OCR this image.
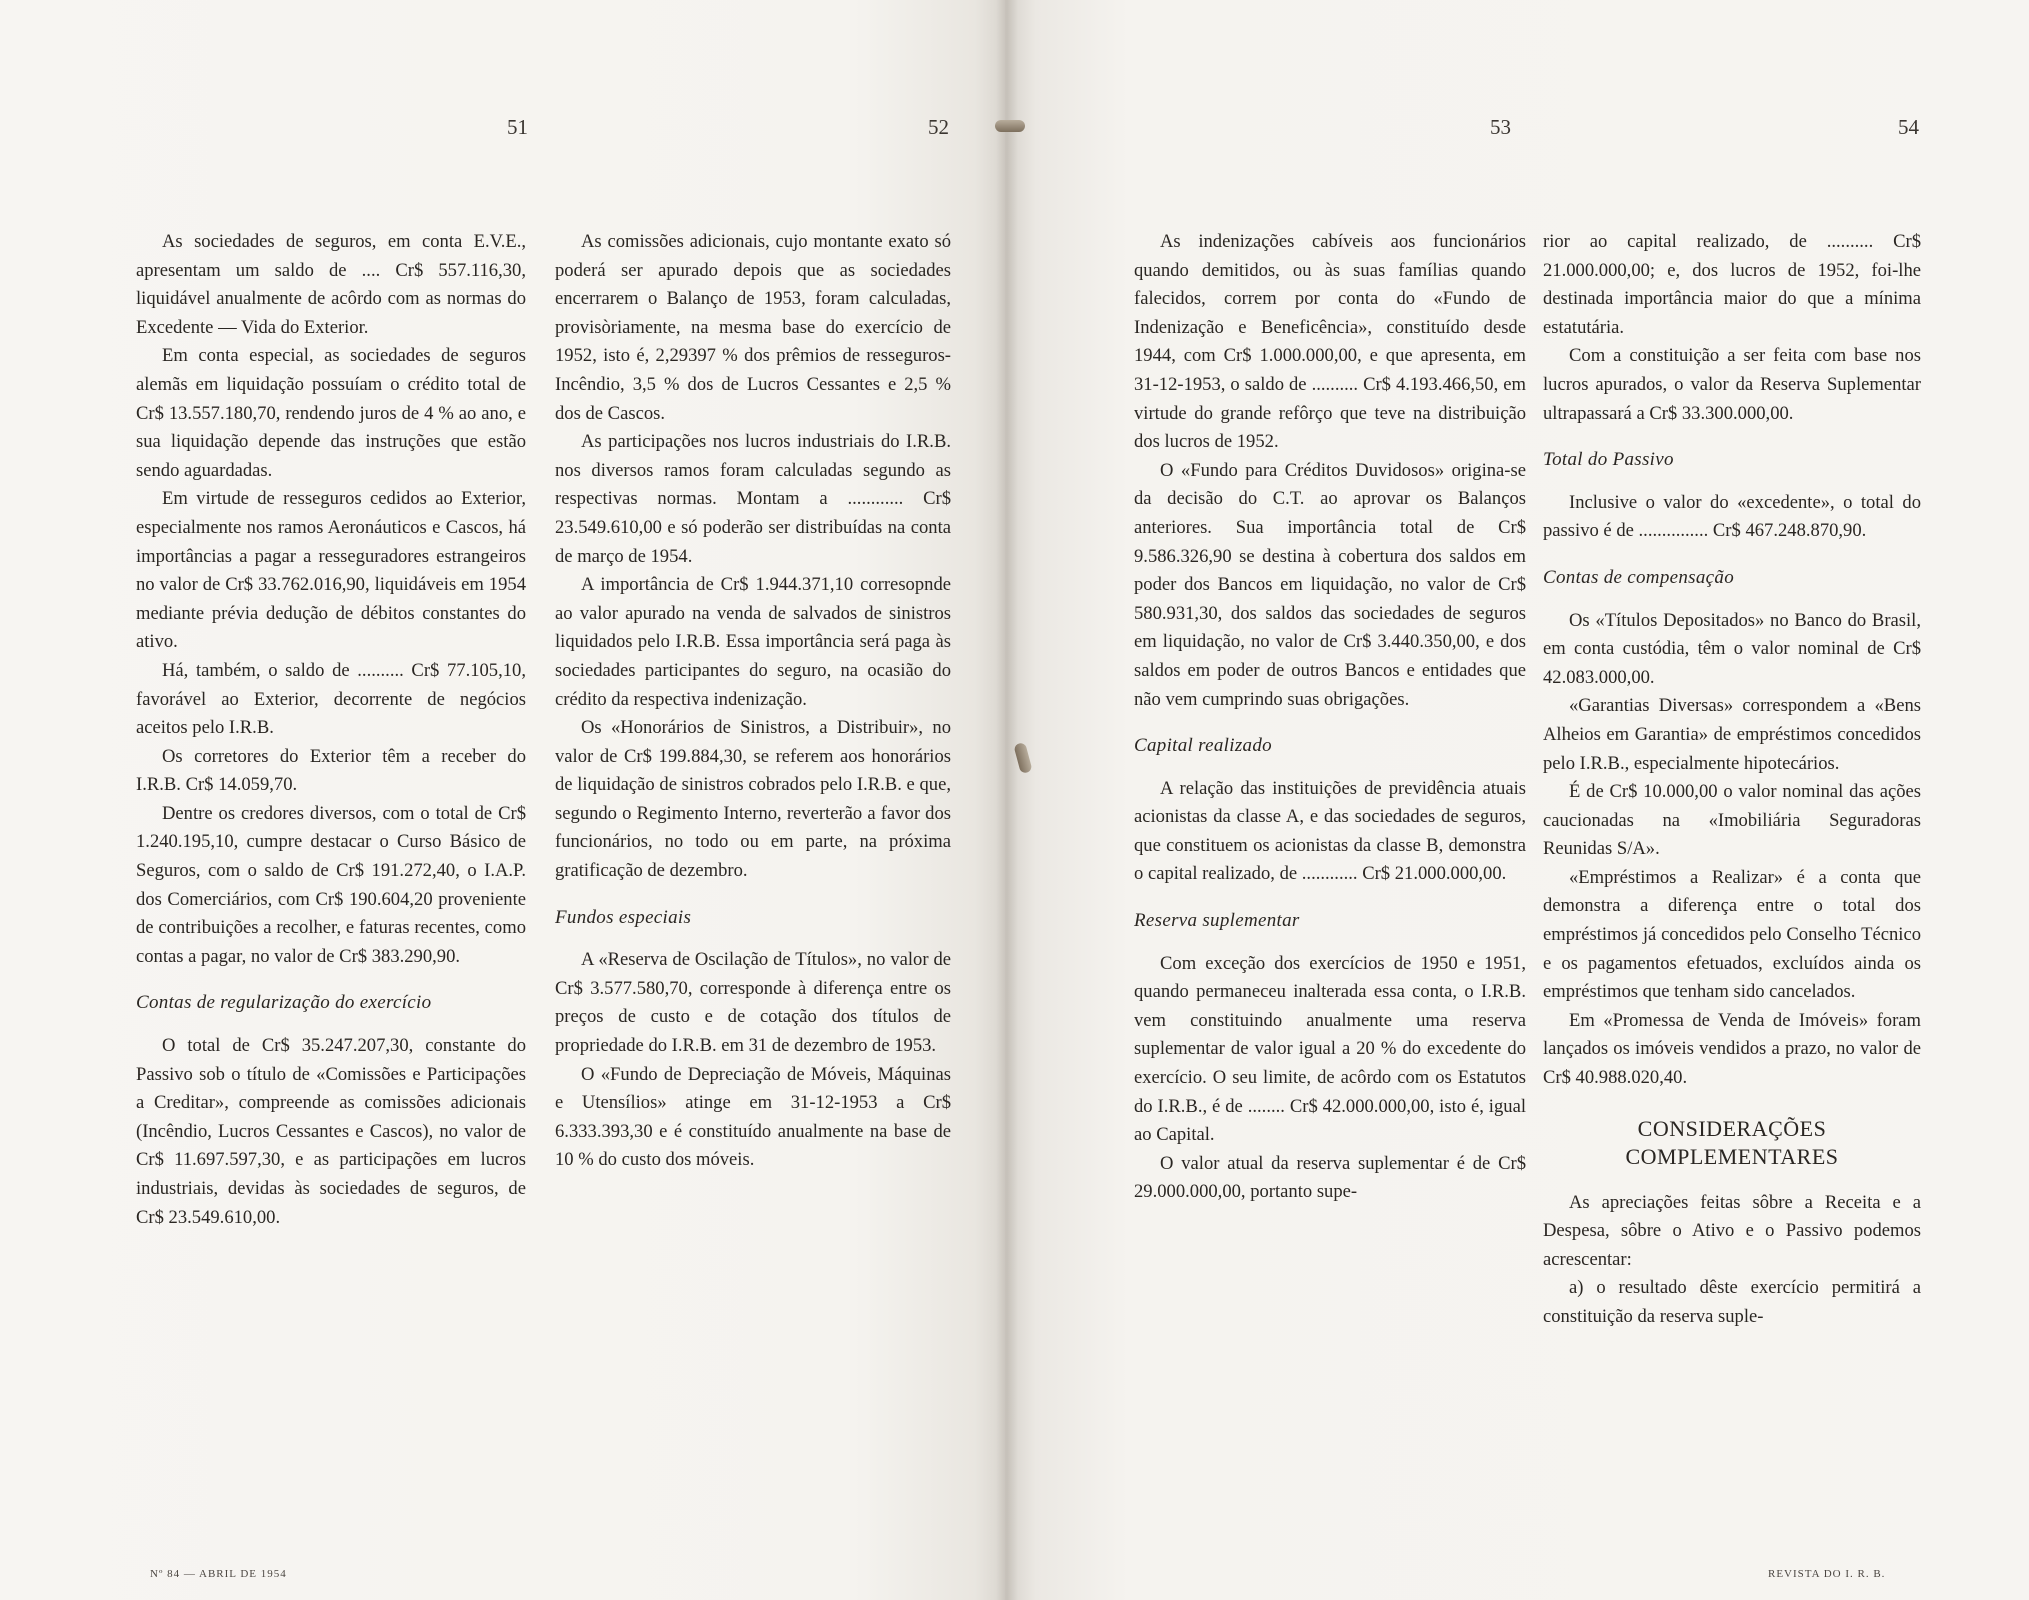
51

As sociedades de seguros, em conta E.V.E., apresentam um saldo de .... Cr$ 557.116,30, liquidável anualmente de acôrdo com as normas do Excedente — Vida do Exterior.

Em conta especial, as sociedades de seguros alemãs em liquidação possuíam o crédito total de Cr$ 13.557.180,70, rendendo juros de 4 % ao ano, e sua liquidação depende das instruções que estão sendo aguardadas.

Em virtude de resseguros cedidos ao Exterior, especialmente nos ramos Aeronáuticos e Cascos, há importâncias a pagar a resseguradores estrangeiros no valor de Cr$ 33.762.016,90, liquidáveis em 1954 mediante prévia dedução de débitos constantes do ativo.

Há, também, o saldo de .......... Cr$ 77.105,10, favorável ao Exterior, decorrente de negócios aceitos pelo I.R.B.

Os corretores do Exterior têm a receber do I.R.B. Cr$ 14.059,70.

Dentre os credores diversos, com o total de Cr$ 1.240.195,10, cumpre destacar o Curso Básico de Seguros, com o saldo de Cr$ 191.272,40, o I.A.P. dos Comerciários, com Cr$ 190.604,20 proveniente de contribuições a recolher, e faturas recentes, como contas a pagar, no valor de Cr$ 383.290,90.

Contas de regularização do exercício

O total de Cr$ 35.247.207,30, constante do Passivo sob o título de «Comissões e Participações a Creditar», compreende as comissões adicionais (Incêndio, Lucros Cessantes e Cascos), no valor de Cr$ 11.697.597,30, e as participações em lucros industriais, devidas às sociedades de seguros, de Cr$ 23.549.610,00.

Nº 84 — ABRIL DE 1954
52

As comissões adicionais, cujo montante exato só poderá ser apurado depois que as sociedades encerrarem o Balanço de 1953, foram calculadas, provisòriamente, na mesma base do exercício de 1952, isto é, 2,29397 % dos prêmios de resseguros-Incêndio, 3,5 % dos de Lucros Cessantes e 2,5 % dos de Cascos.

As participações nos lucros industriais do I.R.B. nos diversos ramos foram calculadas segundo as respectivas normas. Montam a ............ Cr$ 23.549.610,00 e só poderão ser distribuídas na conta de março de 1954.

A importância de Cr$ 1.944.371,10 corresopnde ao valor apurado na venda de salvados de sinistros liquidados pelo I.R.B. Essa importância será paga às sociedades participantes do seguro, na ocasião do crédito da respectiva indenização.

Os «Honorários de Sinistros, a Distribuir», no valor de Cr$ 199.884,30, se referem aos honorários de liquidação de sinistros cobrados pelo I.R.B. e que, segundo o Regimento Interno, reverterão a favor dos funcionários, no todo ou em parte, na próxima gratificação de dezembro.

Fundos especiais

A «Reserva de Oscilação de Títulos», no valor de Cr$ 3.577.580,70, corresponde à diferença entre os preços de custo e de cotação dos títulos de propriedade do I.R.B. em 31 de dezembro de 1953.

O «Fundo de Depreciação de Móveis, Máquinas e Utensílios» atinge em 31-12-1953 a Cr$ 6.333.393,30 e é constituído anualmente na base de 10 % do custo dos móveis.

53

As indenizações cabíveis aos funcionários quando demitidos, ou às suas famílias quando falecidos, correm por conta do «Fundo de Indenização e Beneficência», constituído desde 1944, com Cr$ 1.000.000,00, e que apresenta, em 31-12-1953, o saldo de .......... Cr$ 4.193.466,50, em virtude do grande refôrço que teve na distribuição dos lucros de 1952.

O «Fundo para Créditos Duvidosos» origina-se da decisão do C.T. ao aprovar os Balanços anteriores. Sua importância total de Cr$ 9.586.326,90 se destina à cobertura dos saldos em poder dos Bancos em liquidação, no valor de Cr$ 580.931,30, dos saldos das sociedades de seguros em liquidação, no valor de Cr$ 3.440.350,00, e dos saldos em poder de outros Bancos e entidades que não vem cumprindo suas obrigações.

Capital realizado

A relação das instituições de previdência atuais acionistas da classe A, e das sociedades de seguros, que constituem os acionistas da classe B, demonstra o capital realizado, de ............ Cr$ 21.000.000,00.

Reserva suplementar

Com exceção dos exercícios de 1950 e 1951, quando permaneceu inalterada essa conta, o I.R.B. vem constituindo anualmente uma reserva suplementar de valor igual a 20 % do excedente do exercício. O seu limite, de acôrdo com os Estatutos do I.R.B., é de ........ Cr$ 42.000.000,00, isto é, igual ao Capital.

O valor atual da reserva suplementar é de Cr$ 29.000.000,00, portanto supe-

54

rior ao capital realizado, de .......... Cr$ 21.000.000,00; e, dos lucros de 1952, foi-lhe destinada importância maior do que a mínima estatutária.

Com a constituição a ser feita com base nos lucros apurados, o valor da Reserva Suplementar ultrapassará a Cr$ 33.300.000,00.

Total do Passivo

Inclusive o valor do «excedente», o total do passivo é de ............... Cr$ 467.248.870,90.

Contas de compensação

Os «Títulos Depositados» no Banco do Brasil, em conta custódia, têm o valor nominal de Cr$ 42.083.000,00.

«Garantias Diversas» correspondem a «Bens Alheios em Garantia» de empréstimos concedidos pelo I.R.B., especialmente hipotecários.

É de Cr$ 10.000,00 o valor nominal das ações caucionadas na «Imobiliária Seguradoras Reunidas S/A».

«Empréstimos a Realizar» é a conta que demonstra a diferença entre o total dos empréstimos já concedidos pelo Conselho Técnico e os pagamentos efetuados, excluídos ainda os empréstimos que tenham sido cancelados.

Em «Promessa de Venda de Imóveis» foram lançados os imóveis vendidos a prazo, no valor de Cr$ 40.988.020,40.

CONSIDERAÇÕES
COMPLEMENTARES

As apreciações feitas sôbre a Receita e a Despesa, sôbre o Ativo e o Passivo podemos acrescentar:

a) o resultado dêste exercício permitirá a constituição da reserva suple-

REVISTA DO I. R. B.
